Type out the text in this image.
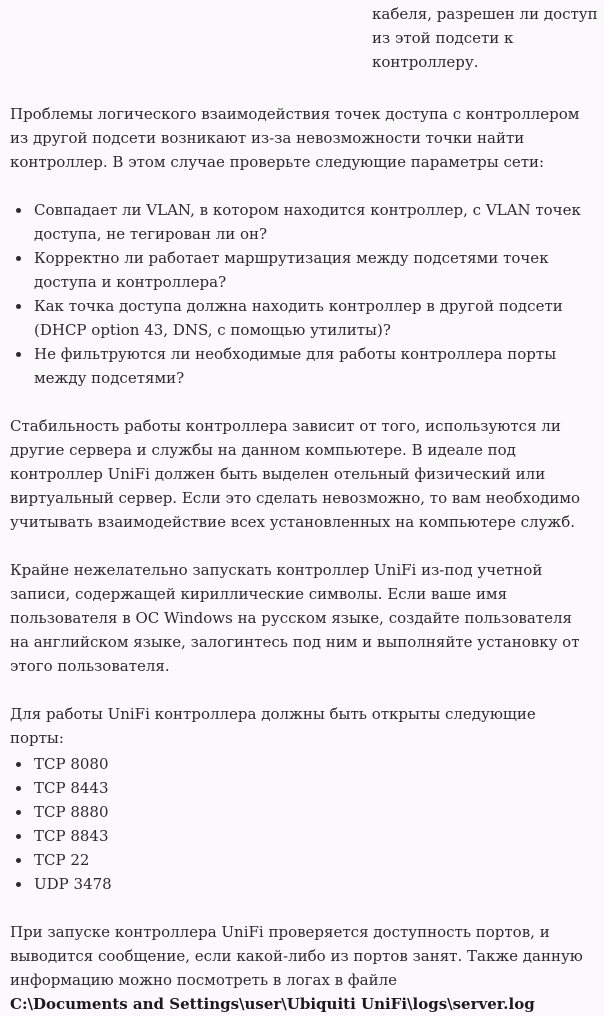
кабеля, разрешен ли доступ
из этой подсети к
контроллеру.

Проблемы логического взаимодействия точек доступа с контроллером из другой подсети возникают из-за невозможности точки найти контроллер. В этом случае проверьте следующие параметры сети:

Совпадает ли VLAN, в котором находится контроллер, с VLAN точек доступа, не тегирован ли он?
Корректно ли работает маршрутизация между подсетями точек доступа и контроллера?
Как точка доступа должна находить контроллер в другой подсети (DHCP option 43, DNS, с помощью утилиты)?
Не фильтруются ли необходимые для работы контроллера порты между подсетями?

Стабильность работы контроллера зависит от того, используются ли другие сервера и службы на данном компьютере. В идеале под контроллер UniFi должен быть выделен отельный физический или виртуальный сервер. Если это сделать невозможно, то вам необходимо учитывать взаимодействие всех установленных на компьютере служб.

Крайне нежелательно запускать контроллер UniFi из-под учетной записи, содержащей кириллические символы. Если ваше имя пользователя в ОС Windows на русском языке, создайте пользователя на английском языке, залогинтесь под ним и выполняйте установку от этого пользователя.

Для работы UniFi контроллера должны быть открыты следующие порты:

TCP 8080
TCP 8443
TCP 8880
TCP 8843
TCP 22
UDP 3478

При запуске контроллера UniFi проверяется доступность портов, и выводится сообщение, если какой-либо из портов занят. Также данную информацию можно посмотреть в логах в файле
C:\Documents and Settings\user\Ubiquiti UniFi\logs\server.log
